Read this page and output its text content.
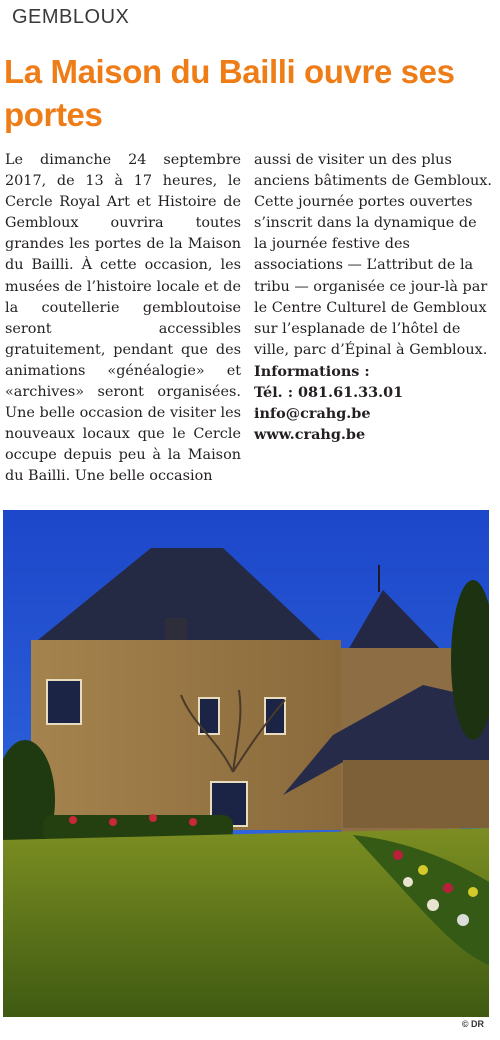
GEMBLOUX
La Maison du Bailli ouvre ses portes

Le dimanche 24 septembre 2017, de 13 à 17 heures, le Cercle Royal Art et Histoire de Gembloux ouvrira toutes grandes les portes de la Maison du Bailli. À cette occasion, les musées de l’histoire locale et de la coutellerie gembloutoise seront accessibles gratuitement, pendant que des animations «généalogie» et «archives» seront organisées. Une belle occasion de visiter les nouveaux locaux que le Cercle occupe depuis peu à la Maison du Bailli. Une belle occasion

aussi de visiter un des plus anciens bâtiments de Gembloux.

Cette journée portes ouvertes s’inscrit dans la dynamique de la journée festive des associations — L’attribut de la tribu — organisée ce jour-là par le Centre Culturel de Gembloux sur l’esplanade de l’hôtel de ville, parc d’Épinal à Gembloux.

Informations :

Tél. : 081.61.33.01 info@crahg.be

www.crahg.be

© DR
